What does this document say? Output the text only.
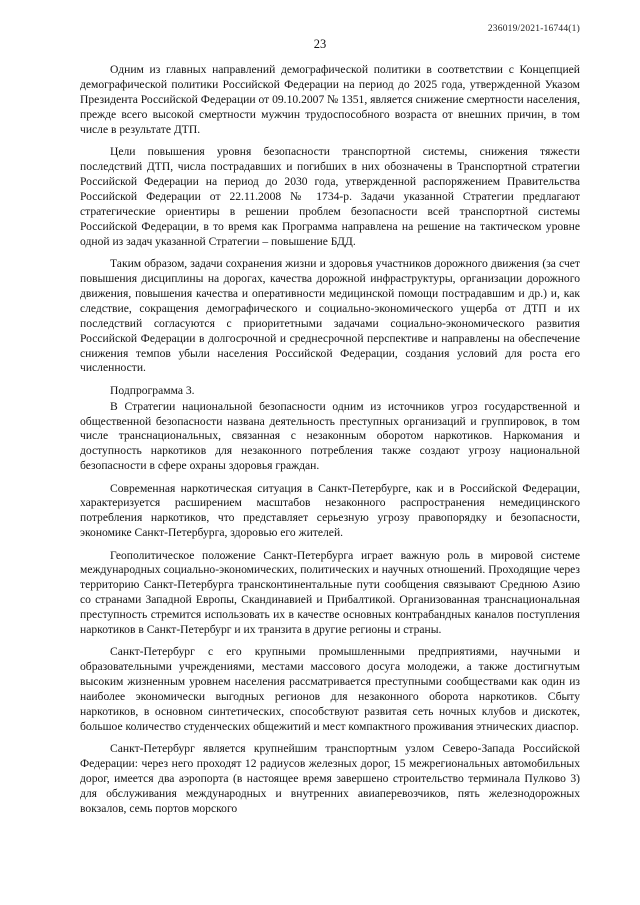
236019/2021-16744(1)
23

Одним из главных направлений демографической политики в соответствии с Концепцией демографической политики Российской Федерации на период до 2025 года, утвержденной Указом Президента Российской Федерации от 09.10.2007 № 1351, является снижение смертности населения, прежде всего высокой смертности мужчин трудоспособного возраста от внешних причин, в том числе в результате ДТП.

Цели повышения уровня безопасности транспортной системы, снижения тяжести последствий ДТП, числа пострадавших и погибших в них обозначены в Транспортной стратегии Российской Федерации на период до 2030 года, утвержденной распоряжением Правительства Российской Федерации от 22.11.2008 № 1734-р. Задачи указанной Стратегии предлагают стратегические ориентиры в решении проблем безопасности всей транспортной системы Российской Федерации, в то время как Программа направлена на решение на тактическом уровне одной из задач указанной Стратегии – повышение БДД.

Таким образом, задачи сохранения жизни и здоровья участников дорожного движения (за счет повышения дисциплины на дорогах, качества дорожной инфраструктуры, организации дорожного движения, повышения качества и оперативности медицинской помощи пострадавшим и др.) и, как следствие, сокращения демографического и социально-экономического ущерба от ДТП и их последствий согласуются с приоритетными задачами социально-экономического развития Российской Федерации в долгосрочной и среднесрочной перспективе и направлены на обеспечение снижения темпов убыли населения Российской Федерации, создания условий для роста его численности.

Подпрограмма 3.

В Стратегии национальной безопасности одним из источников угроз государственной и общественной безопасности названа деятельность преступных организаций и группировок, в том числе транснациональных, связанная с незаконным оборотом наркотиков. Наркомания и доступность наркотиков для незаконного потребления также создают угрозу национальной безопасности в сфере охраны здоровья граждан.

Современная наркотическая ситуация в Санкт-Петербурге, как и в Российской Федерации, характеризуется расширением масштабов незаконного распространения немедицинского потребления наркотиков, что представляет серьезную угрозу правопорядку и безопасности, экономике Санкт-Петербурга, здоровью его жителей.

Геополитическое положение Санкт-Петербурга играет важную роль в мировой системе международных социально-экономических, политических и научных отношений. Проходящие через территорию Санкт-Петербурга трансконтинентальные пути сообщения связывают Среднюю Азию со странами Западной Европы, Скандинавией и Прибалтикой. Организованная транснациональная преступность стремится использовать их в качестве основных контрабандных каналов поступления наркотиков в Санкт-Петербург и их транзита в другие регионы и страны.

Санкт-Петербург с его крупными промышленными предприятиями, научными и образовательными учреждениями, местами массового досуга молодежи, а также достигнутым высоким жизненным уровнем населения рассматривается преступными сообществами как один из наиболее экономически выгодных регионов для незаконного оборота наркотиков. Сбыту наркотиков, в основном синтетических, способствуют развитая сеть ночных клубов и дискотек, большое количество студенческих общежитий и мест компактного проживания этнических диаспор.

Санкт-Петербург является крупнейшим транспортным узлом Северо-Запада Российской Федерации: через него проходят 12 радиусов железных дорог, 15 межрегиональных автомобильных дорог, имеется два аэропорта (в настоящее время завершено строительство терминала Пулково 3) для обслуживания международных и внутренних авиаперевозчиков, пять железнодорожных вокзалов, семь портов морского
